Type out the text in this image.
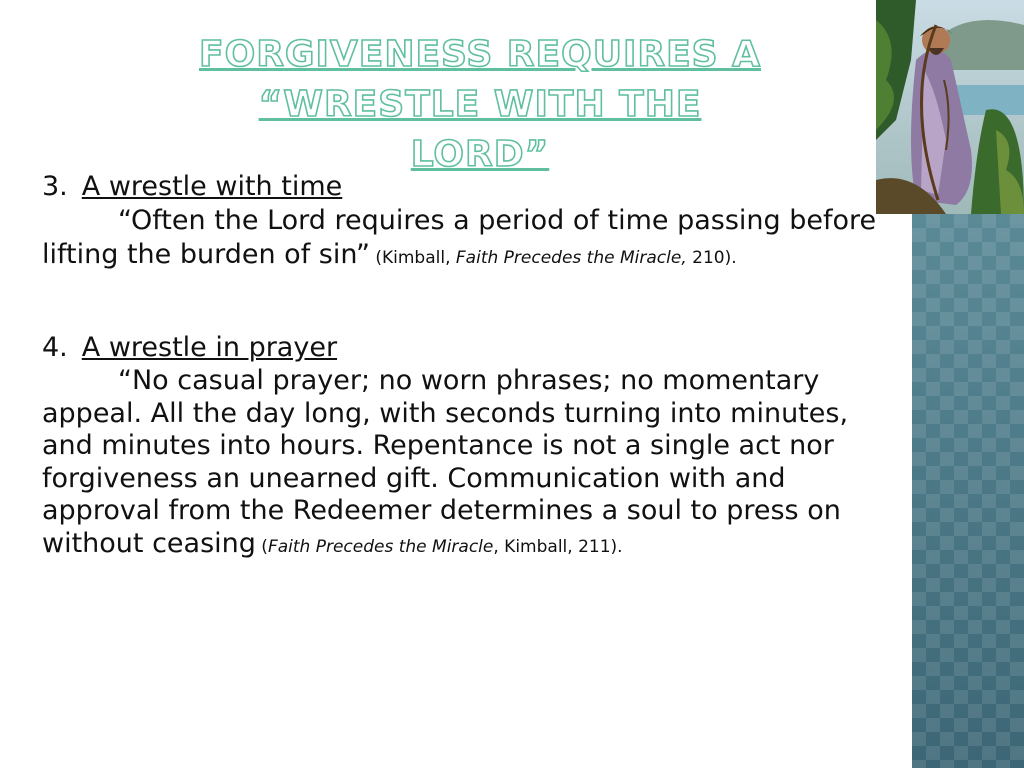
FORGIVENESS REQUIRES A
“WRESTLE WITH THE LORD”

3. A wrestle with time

“Often the Lord requires a period of time passing before lifting the burden of sin” (Kimball, Faith Precedes the Miracle, 210).

4. A wrestle in prayer

“No casual prayer; no worn phrases; no momentary appeal. All the day long, with seconds turning into minutes, and minutes into hours. Repentance is not a single act nor forgiveness an unearned gift. Communication with and approval from the Redeemer determines a soul to press on without ceasing (Faith Precedes the Miracle, Kimball, 211).
